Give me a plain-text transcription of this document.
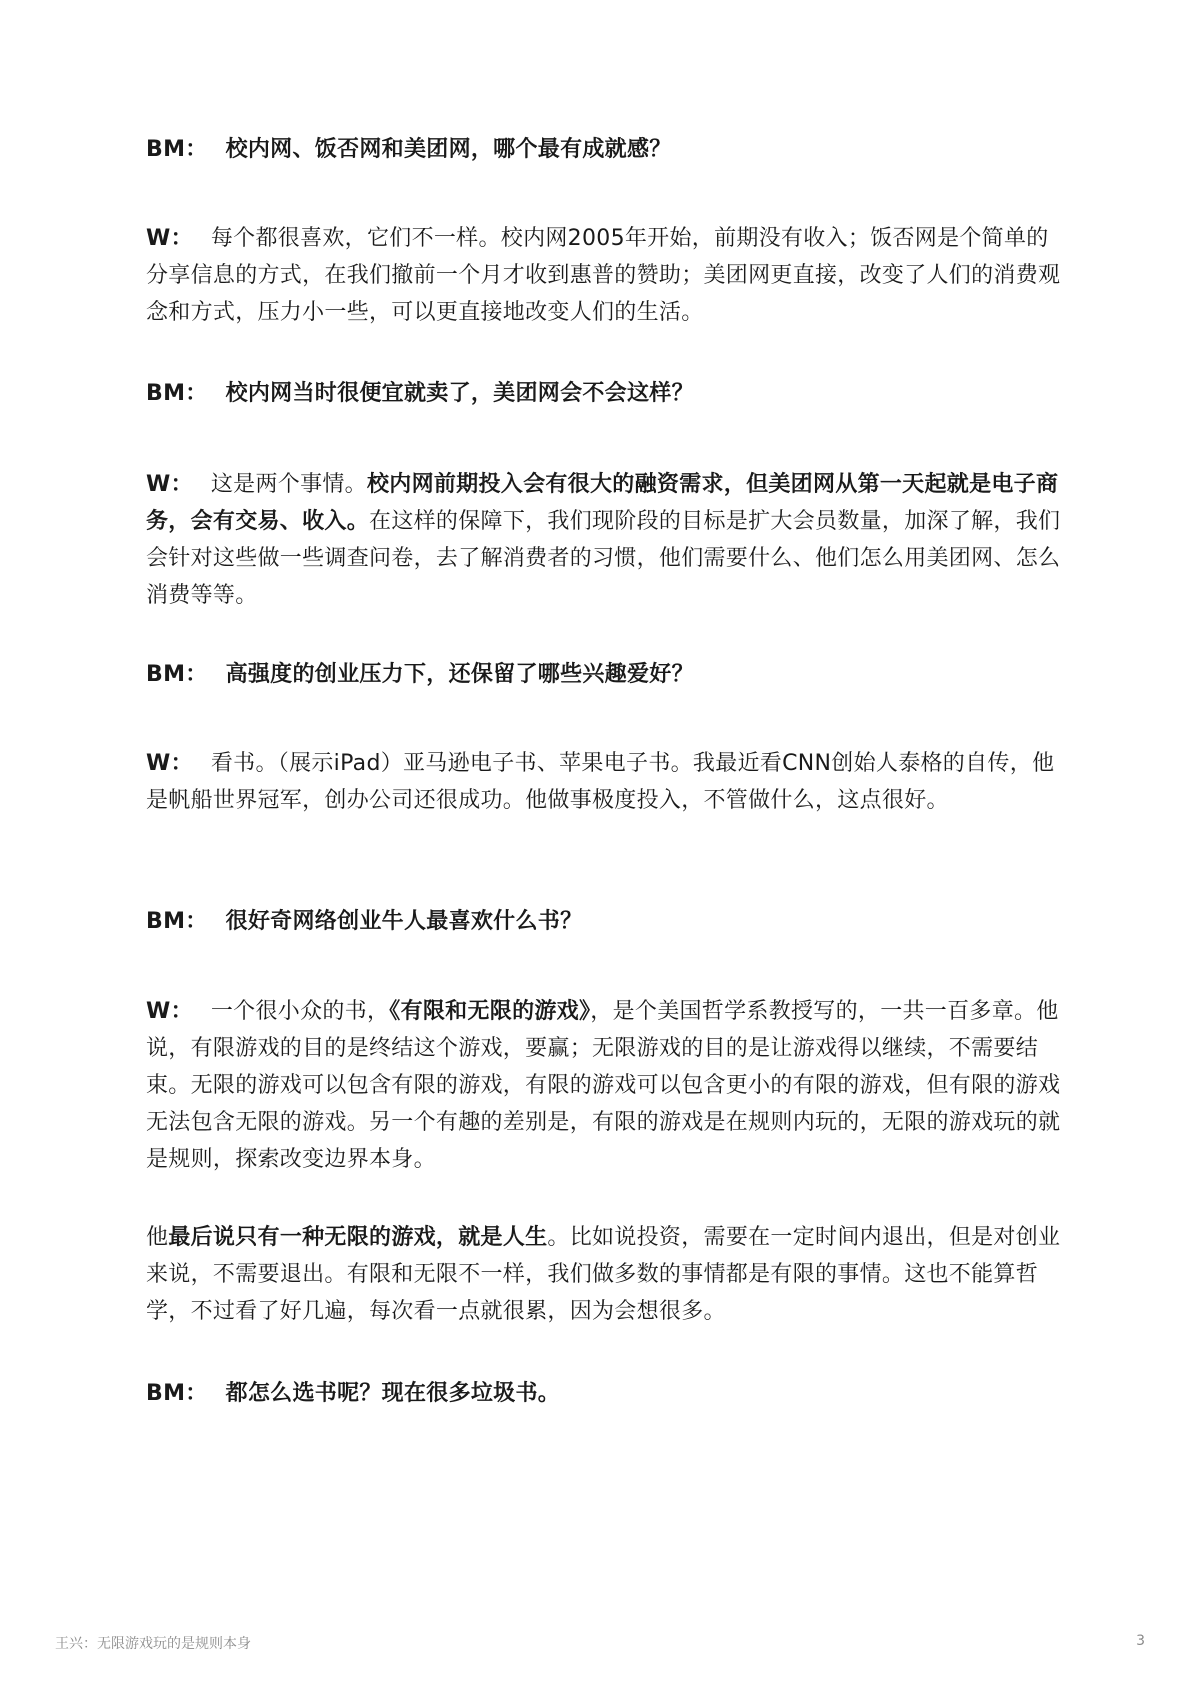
BM： 校内网、饭否网和美团网，哪个最有成就感？

W： 每个都很喜欢，它们不一样。校内网2005年开始，前期没有收入；饭否网是个简单的分享信息的方式，在我们撤前一个月才收到惠普的赞助；美团网更直接，改变了人们的消费观念和方式，压力小一些，可以更直接地改变人们的生活。

BM： 校内网当时很便宜就卖了，美团网会不会这样？

W： 这是两个事情。校内网前期投入会有很大的融资需求，但美团网从第一天起就是电子商务，会有交易、收入。在这样的保障下，我们现阶段的目标是扩大会员数量，加深了解，我们会针对这些做一些调查问卷，去了解消费者的习惯，他们需要什么、他们怎么用美团网、怎么消费等等。

BM： 高强度的创业压力下，还保留了哪些兴趣爱好？

W： 看书。（展示iPad）亚马逊电子书、苹果电子书。我最近看CNN创始人泰格的自传，他是帆船世界冠军，创办公司还很成功。他做事极度投入，不管做什么，这点很好。

BM： 很好奇网络创业牛人最喜欢什么书？

W： 一个很小众的书，《有限和无限的游戏》，是个美国哲学系教授写的，一共一百多章。他说，有限游戏的目的是终结这个游戏，要赢；无限游戏的目的是让游戏得以继续，不需要结束。无限的游戏可以包含有限的游戏，有限的游戏可以包含更小的有限的游戏，但有限的游戏无法包含无限的游戏。另一个有趣的差别是，有限的游戏是在规则内玩的，无限的游戏玩的就是规则，探索改变边界本身。

他最后说只有一种无限的游戏，就是人生。比如说投资，需要在一定时间内退出，但是对创业来说，不需要退出。有限和无限不一样，我们做多数的事情都是有限的事情。这也不能算哲学，不过看了好几遍，每次看一点就很累，因为会想很多。

BM： 都怎么选书呢？现在很多垃圾书。

王兴：无限游戏玩的是规则本身	3
